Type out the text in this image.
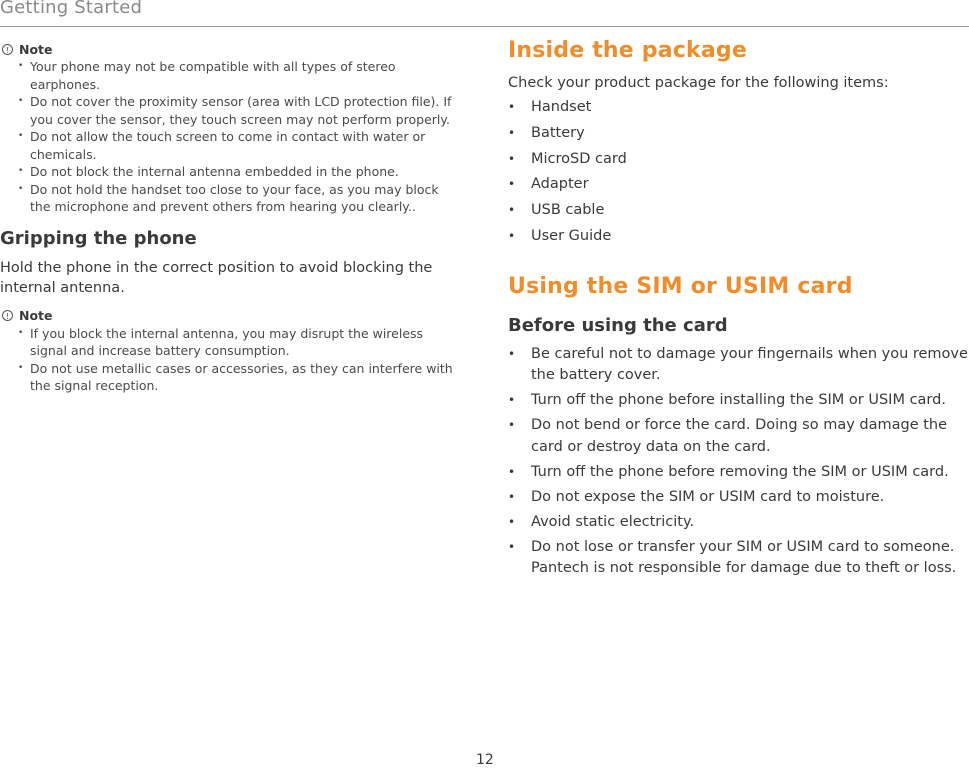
Getting Started
! Note
• Your phone may not be compatible with all types of stereo earphones.
• Do not cover the proximity sensor (area with LCD protection file). If you cover the sensor, they touch screen may not perform properly.
• Do not allow the touch screen to come in contact with water or chemicals.
• Do not block the internal antenna embedded in the phone.
• Do not hold the handset too close to your face, as you may block the microphone and prevent others from hearing you clearly..
Gripping the phone
Hold the phone in the correct position to avoid blocking the internal antenna.
! Note
• If you block the internal antenna, you may disrupt the wireless signal and increase battery consumption.
• Do not use metallic cases or accessories, as they can interfere with the signal reception.
Inside the package
Check your product package for the following items:
• Handset
• Battery
• MicroSD card
• Adapter
• USB cable
• User Guide
Using the SIM or USIM card
Before using the card
• Be careful not to damage your fingernails when you remove the battery cover.
• Turn off the phone before installing the SIM or USIM card.
• Do not bend or force the card. Doing so may damage the card or destroy data on the card.
• Turn off the phone before removing the SIM or USIM card.
• Do not expose the SIM or USIM card to moisture.
• Avoid static electricity.
• Do not lose or transfer your SIM or USIM card to someone. Pantech is not responsible for damage due to theft or loss.
12
